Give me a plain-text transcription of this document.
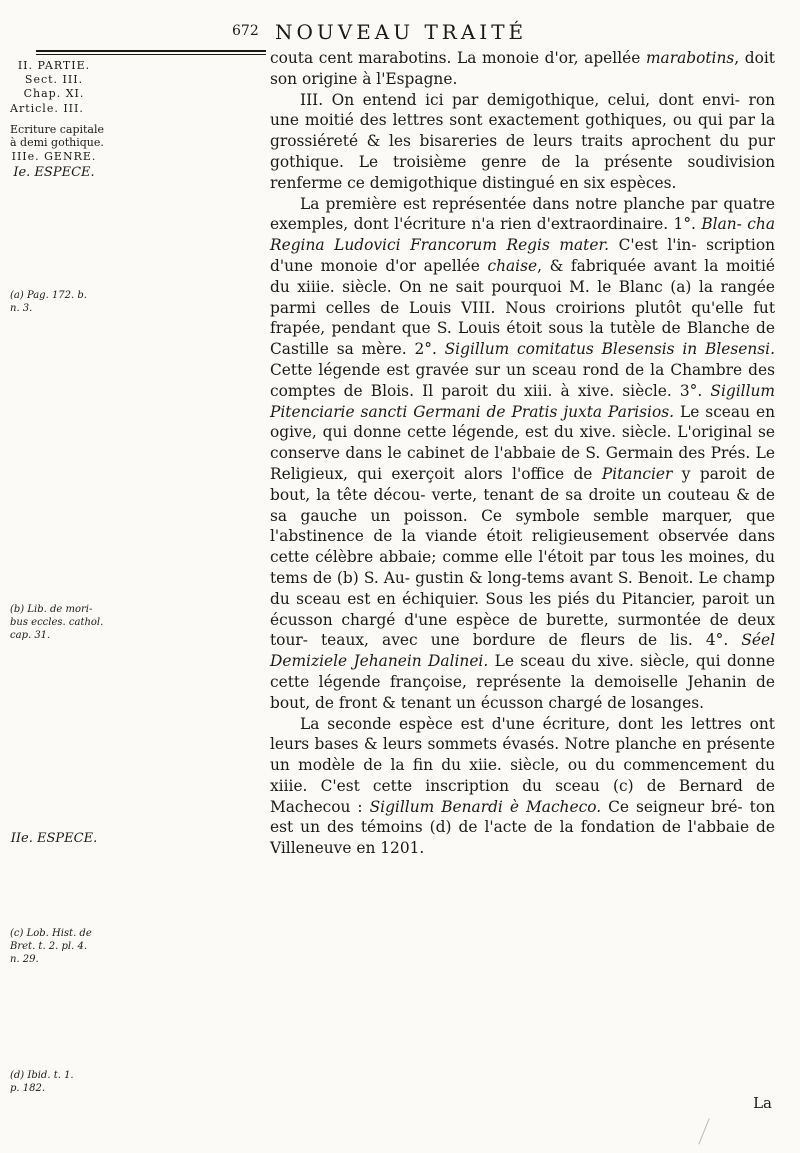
672 NOUVEAU TRAITÉ
II. PARTIE.
Sect. III.
Chap. XI.
Article. III.
Ecriture capitale
à demi gothique.
IIIe. GENRE.
Ie. ESPECE.
(a) Pag. 172. b.
n. 3.
(b) Lib. de mori-
bus eccles. cathol.
cap. 31.
IIe. ESPECE.
(c) Lob. Hist. de
Bret. t. 2. pl. 4.
n. 29.
(d) Ibid. t. 1.
p. 182.

couta cent marabotins. La monoie d'or, apellée marabotins, doit son origine à l'Espagne.

III. On entend ici par demigothique, celui, dont envi- ron une moitié des lettres sont exactement gothiques, ou qui par la grossiéreté & les bisareries de leurs traits aprochent du pur gothique. Le troisième genre de la présente soudivision renferme ce demigothique distingué en six espèces.

La première est représentée dans notre planche par quatre exemples, dont l'écriture n'a rien d'extraordinaire. 1°. Blan- cha Regina Ludovici Francorum Regis mater. C'est l'in- scription d'une monoie d'or apellée chaise, & fabriquée avant la moitié du xiiie. siècle. On ne sait pourquoi M. le Blanc (a) la rangée parmi celles de Louis VIII. Nous croirions plutôt qu'elle fut frapée, pendant que S. Louis étoit sous la tutèle de Blanche de Castille sa mère. 2°. Sigillum comitatus Blesensis in Blesensi. Cette légende est gravée sur un sceau rond de la Chambre des comptes de Blois. Il paroit du xiii. à xive. siècle. 3°. Sigillum Pitenciarie sancti Germani de Pratis juxta Parisios. Le sceau en ogive, qui donne cette légende, est du xive. siècle. L'original se conserve dans le cabinet de l'abbaie de S. Germain des Prés. Le Religieux, qui exerçoit alors l'office de Pitancier y paroit de bout, la tête décou- verte, tenant de sa droite un couteau & de sa gauche un poisson. Ce symbole semble marquer, que l'abstinence de la viande étoit religieusement observée dans cette célèbre abbaie; comme elle l'étoit par tous les moines, du tems de (b) S. Au- gustin & long-tems avant S. Benoit. Le champ du sceau est en échiquier. Sous les piés du Pitancier, paroit un écusson chargé d'une espèce de burette, surmontée de deux tour- teaux, avec une bordure de fleurs de lis. 4°. Séel Demiziele Jehanein Dalinei. Le sceau du xive. siècle, qui donne cette légende françoise, représente la demoiselle Jehanin de bout, de front & tenant un écusson chargé de losanges.

La seconde espèce est d'une écriture, dont les lettres ont leurs bases & leurs sommets évasés. Notre planche en présente un modèle de la fin du xiie. siècle, ou du commencement du xiiie. C'est cette inscription du sceau (c) de Bernard de Machecou : Sigillum Benardi è Macheco. Ce seigneur bré- ton est un des témoins (d) de l'acte de la fondation de l'abbaie de Villeneuve en 1201.

La
